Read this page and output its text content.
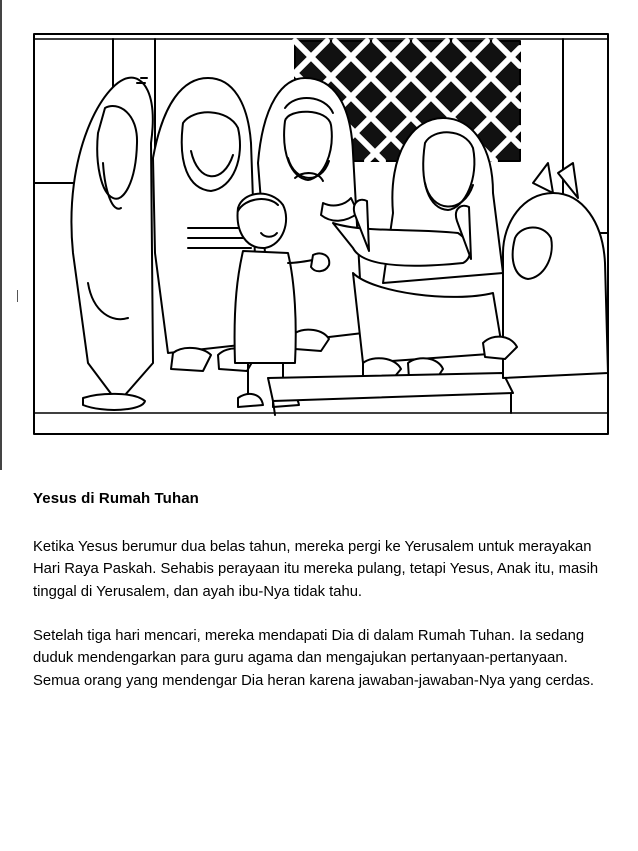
Yesus di Rumah Tuhan

Ketika Yesus berumur dua belas tahun, mereka pergi ke Yerusalem untuk merayakan Hari Raya Paskah. Sehabis perayaan itu mereka pulang, tetapi Yesus, Anak itu, masih tinggal di Yerusalem, dan ayah ibu-Nya tidak tahu.

Setelah tiga hari mencari, mereka mendapati Dia di dalam Rumah Tuhan. Ia sedang duduk mendengarkan para guru agama dan mengajukan pertanyaan-pertanyaan. Semua orang yang mendengar Dia heran karena jawaban-jawaban-Nya yang cerdas.
